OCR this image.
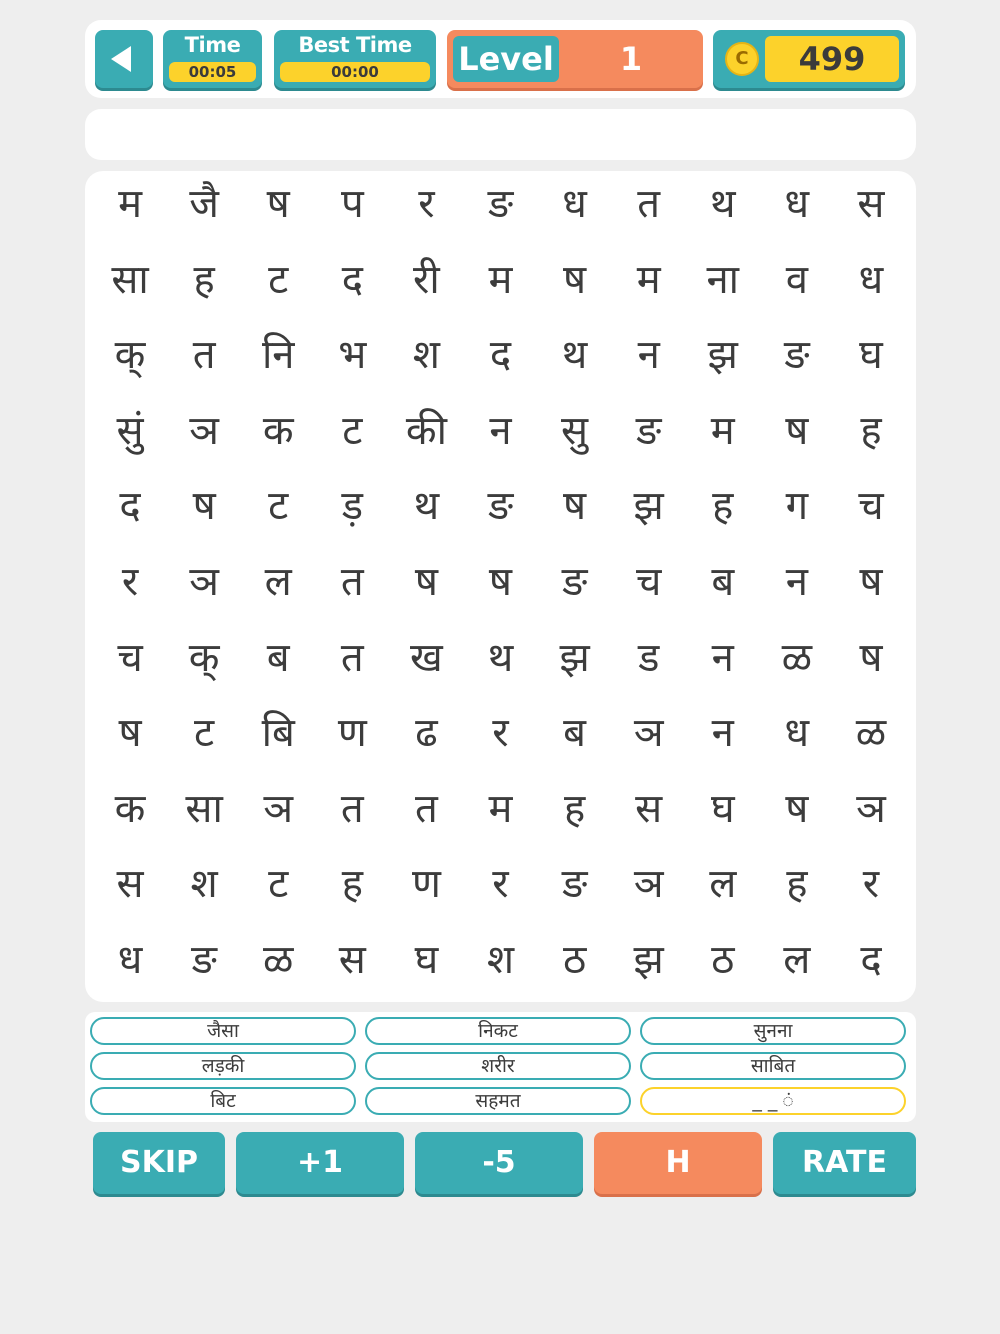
Time
00:05
Best Time
00:00	Level	1	C	499
म	जै	ष	प	र	ङ	ध	त	थ	ध	स
सा	ह	ट	द	री	म	ष	म	ना	व	ध
क्	त	नि	भ	श	द	थ	न	झ	ङ	घ
सुं	ञ	क	ट	की	न	सु	ङ	म	ष	ह
द	ष	ट	ड़	थ	ङ	ष	झ	ह	ग	च
र	ञ	ल	त	ष	ष	ङ	च	ब	न	ष
च	क्	ब	त	ख	थ	झ	ड	न	ळ	ष
ष	ट	बि	ण	ढ	र	ब	ञ	न	ध	ळ
क	सा	ञ	त	त	म	ह	स	घ	ष	ञ
स	श	ट	ह	ण	र	ङ	ञ	ल	ह	र
ध	ङ	ळ	स	घ	श	ठ	झ	ठ	ल	द
जैसा	निकट	सुनना
लड़की	शरीर	साबित
बिट	सहमत	_ _ ं
SKIP	+1	-5	H	RATE
